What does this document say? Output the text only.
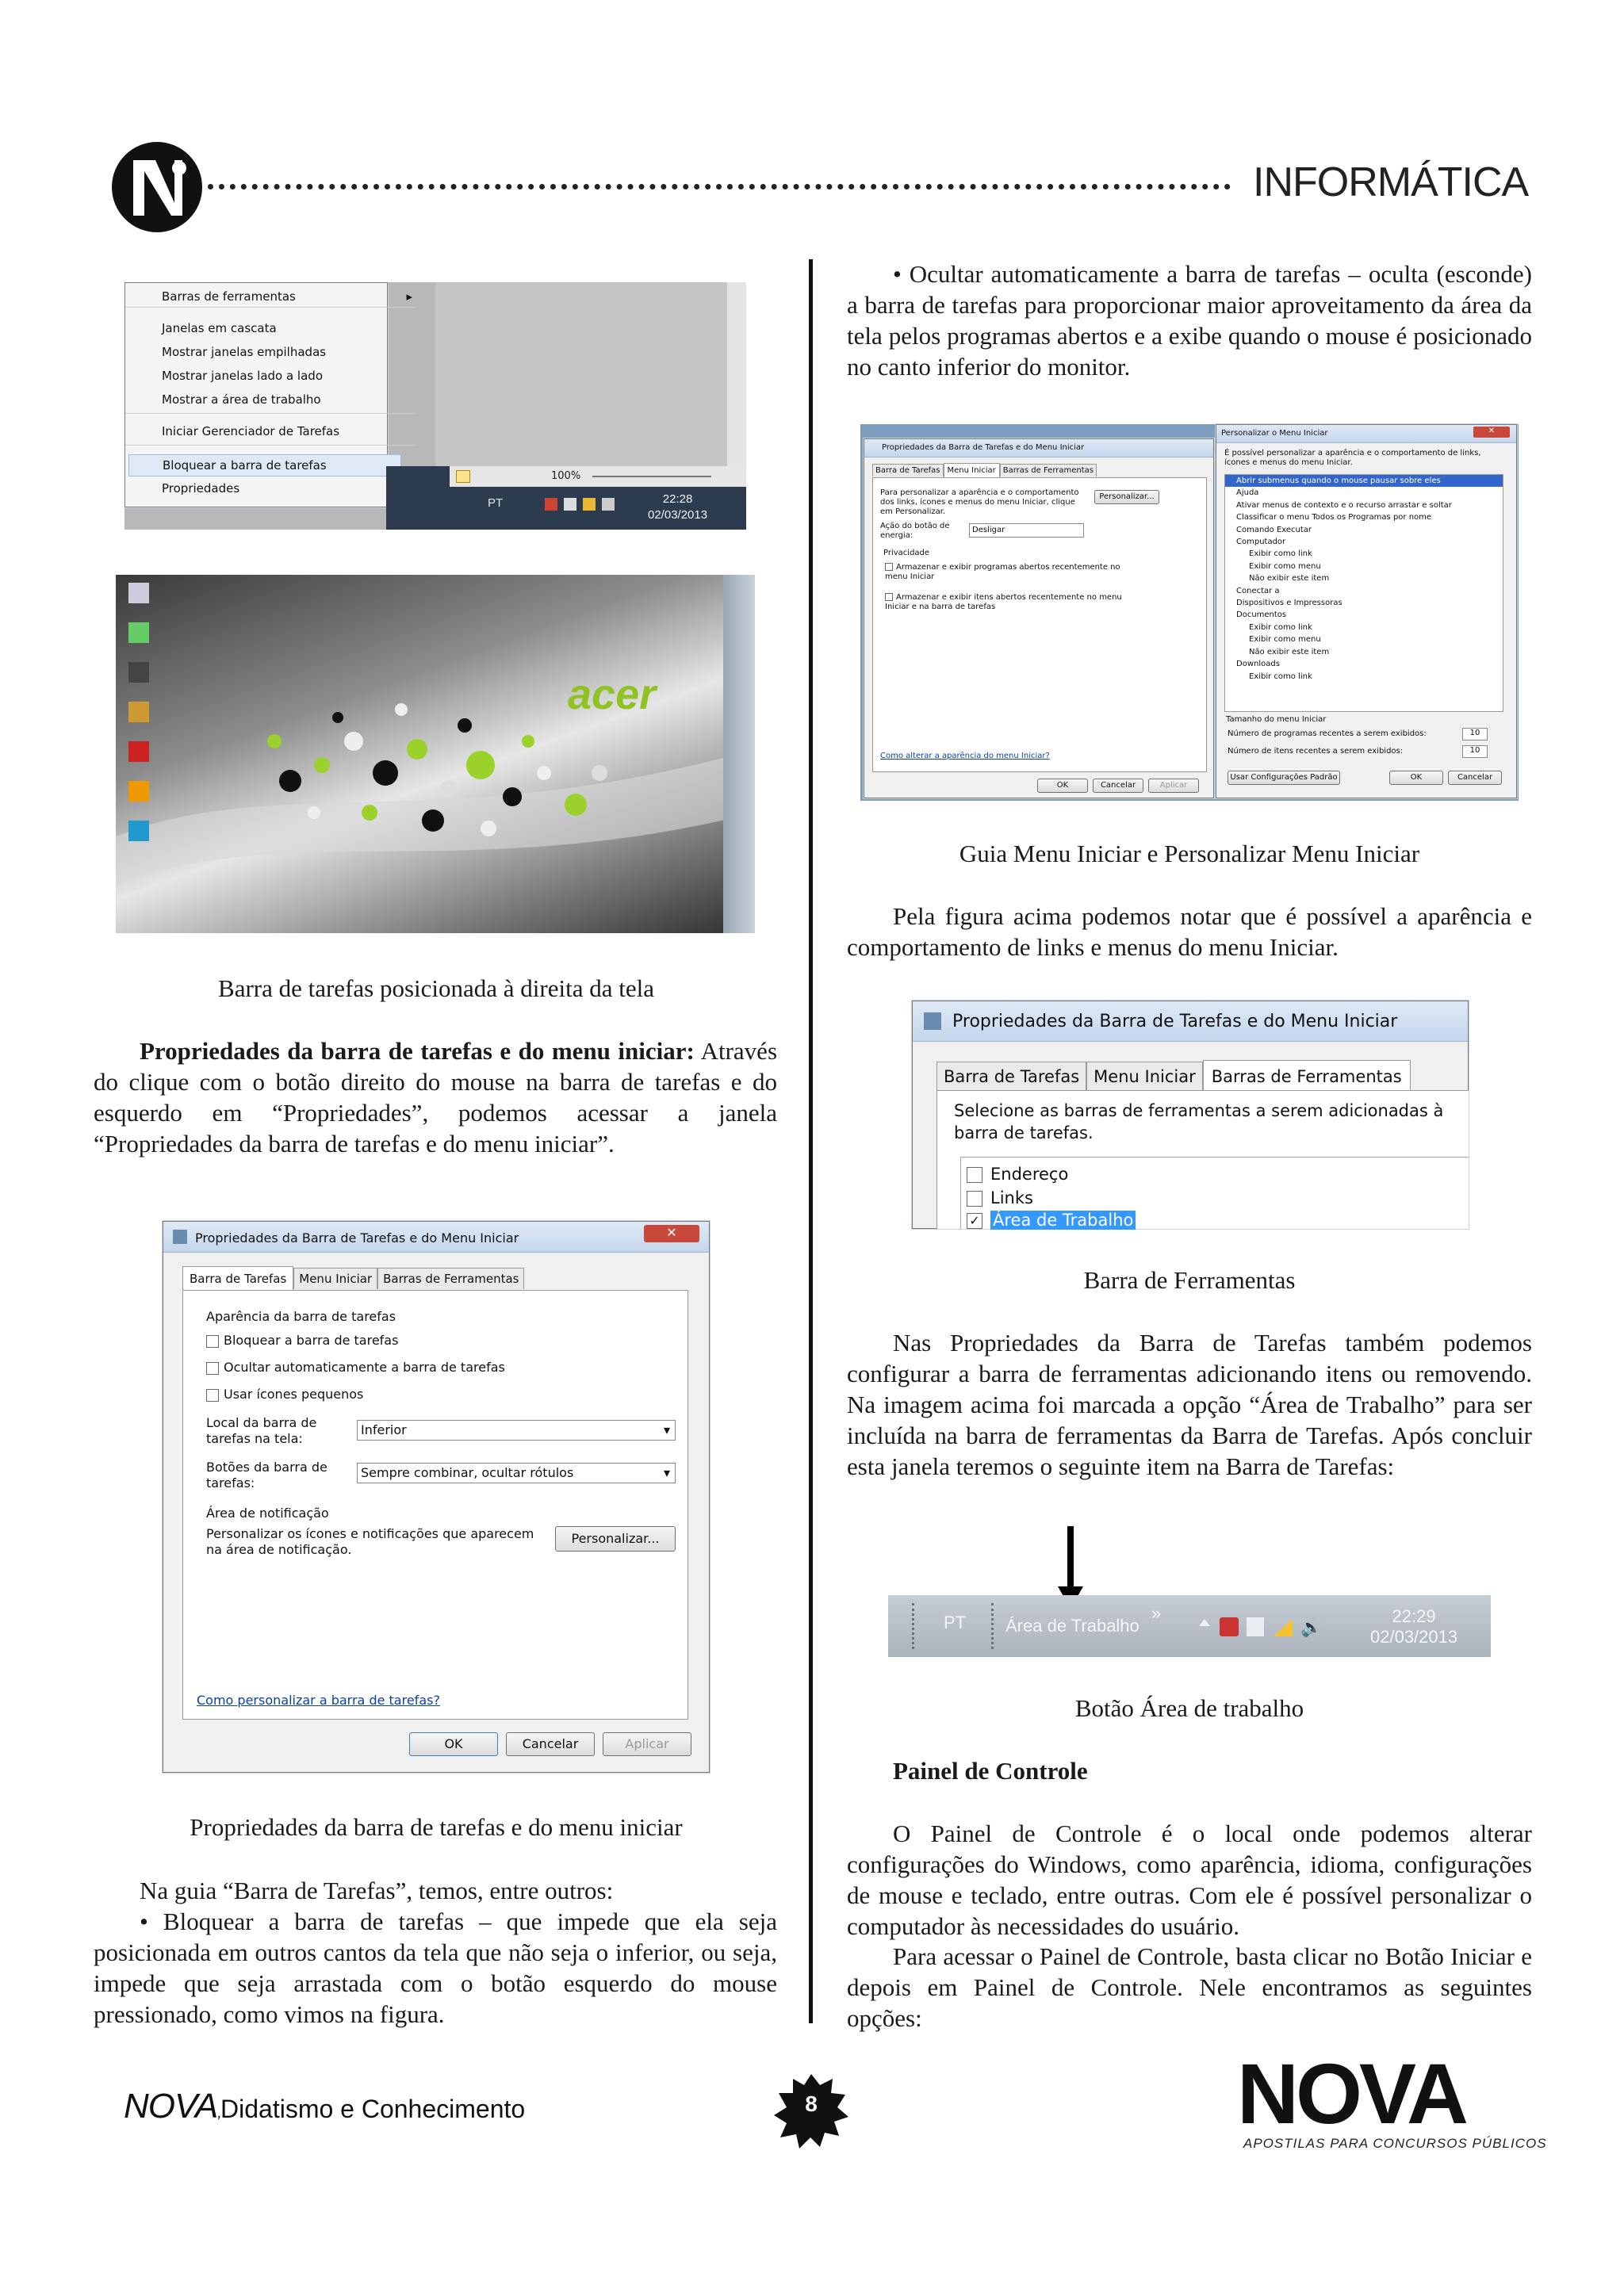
INFORMÁTICA
Barras de ferramentas	▸
Janelas em cascata
Mostrar janelas empilhadas
Mostrar janelas lado a lado
Mostrar a área de trabalho
Iniciar Gerenciador de Tarefas
Bloquear a barra de tarefas
Propriedades
100%
PT	22:28
02/03/2013
acer
Barra de tarefas posicionada à direita da tela
Propriedades da barra de tarefas e do menu iniciar: Através do clique com o botão direito do mouse na barra de tarefas e do esquerdo em “Propriedades”, podemos acessar a janela “Propriedades da barra de tarefas e do menu iniciar”.
Propriedades da Barra de Tarefas e do Menu Iniciar	✕
Barra de Tarefas Menu Iniciar Barras de Ferramentas
Aparência da barra de tarefas
Bloquear a barra de tarefas
Ocultar automaticamente a barra de tarefas
Usar ícones pequenos
Local da barra de tarefas na tela:
Inferior	▾
Botões da barra de tarefas:
Sempre combinar, ocultar rótulos	▾
Área de notificação
Personalizar os ícones e notificações que aparecem na área de notificação.
Personalizar...
Como personalizar a barra de tarefas?
OK	Cancelar	Aplicar
Propriedades da barra de tarefas e do menu iniciar
Na guia “Barra de Tarefas”, temos, entre outros:
• Bloquear a barra de tarefas – que impede que ela seja posicionada em outros cantos da tela que não seja o inferior, ou seja, impede que seja arrastada com o botão esquerdo do mouse pressionado, como vimos na figura.
• Ocultar automaticamente a barra de tarefas – oculta (esconde) a barra de tarefas para proporcionar maior aproveitamento da área da tela pelos programas abertos e a exibe quando o mouse é posicionado no canto inferior do monitor.
Propriedades da Barra de Tarefas e do Menu Iniciar
Barra de Tarefas Menu Iniciar Barras de Ferramentas
Para personalizar a aparência e o comportamento dos links, ícones e menus do menu Iniciar, clique em Personalizar.
Personalizar...
Ação do botão de energia:
Desligar
Privacidade
Armazenar e exibir programas abertos recentemente no menu Iniciar
Armazenar e exibir itens abertos recentemente no menu Iniciar e na barra de tarefas
Como alterar a aparência do menu Iniciar?
OK	Cancelar	Aplicar
Personalizar o Menu Iniciar	✕
É possível personalizar a aparência e o comportamento de links, ícones e menus do menu Iniciar.
Abrir submenus quando o mouse pausar sobre eles
Ajuda
Ativar menus de contexto e o recurso arrastar e soltar
Classificar o menu Todos os Programas por nome
Comando Executar
Computador
Exibir como link
Exibir como menu
Não exibir este item
Conectar a
Dispositivos e Impressoras
Documentos
Exibir como link
Exibir como menu
Não exibir este item
Downloads
Exibir como link
Tamanho do menu Iniciar
Número de programas recentes a serem exibidos:	10
Número de itens recentes a serem exibidos:	10
Usar Configurações Padrão	OK	Cancelar
Guia Menu Iniciar e Personalizar Menu Iniciar
Pela figura acima podemos notar que é possível a aparência e comportamento de links e menus do menu Iniciar.
Propriedades da Barra de Tarefas e do Menu Iniciar
Barra de Tarefas Menu Iniciar Barras de Ferramentas
Selecione as barras de ferramentas a serem adicionadas à barra de tarefas.
Endereço
Links
✓ Área de Trabalho
Barra de Ferramentas
Nas Propriedades da Barra de Tarefas também podemos configurar a barra de ferramentas adicionando itens ou removendo. Na imagem acima foi marcada a opção “Área de Trabalho” para ser incluída na barra de ferramentas da Barra de Tarefas. Após concluir esta janela teremos o seguinte item na Barra de Tarefas:
PT Área de Trabalho
»
🔊
22:29
02/03/2013
Botão Área de trabalho
Painel de Controle
O Painel de Controle é o local onde podemos alterar configurações do Windows, como aparência, idioma, configurações de mouse e teclado, entre outras. Com ele é possível personalizar o computador às necessidades do usuário.
Para acessar o Painel de Controle, basta clicar no Botão Iniciar e depois em Painel de Controle. Nele encontramos as seguintes opções:
NOVA, Didatismo e Conhecimento	8	NOVA
APOSTILAS PARA CONCURSOS PÚBLICOS
